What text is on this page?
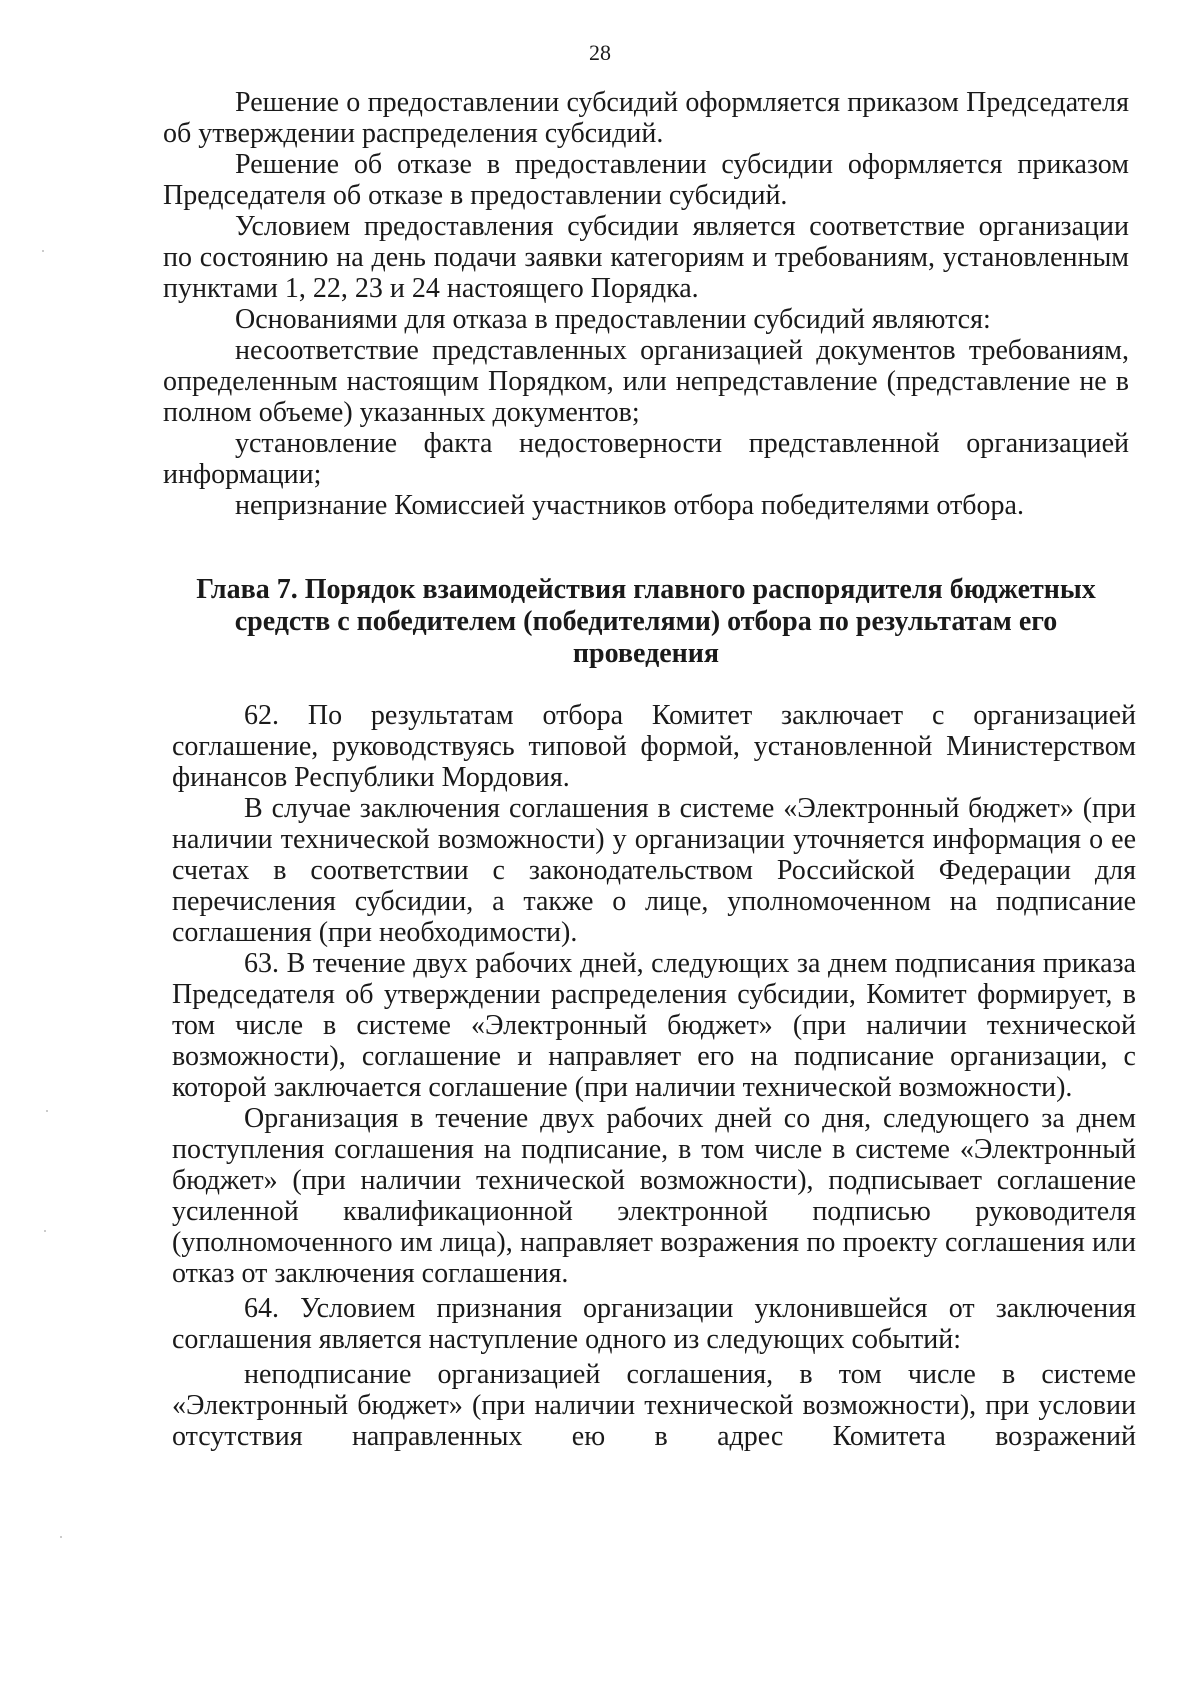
28

Решение о предоставлении субсидий оформляется приказом Председателя об утверждении распределения субсидий.

Решение об отказе в предоставлении субсидии оформляется приказом Председателя об отказе в предоставлении субсидий.

Условием предоставления субсидии является соответствие организации по состоянию на день подачи заявки категориям и требованиям, установленным пунктами 1, 22, 23 и 24 настоящего Порядка.

Основаниями для отказа в предоставлении субсидий являются:

несоответствие представленных организацией документов требованиям, определенным настоящим Порядком, или непредставление (представление не в полном объеме) указанных документов;

установление факта недостоверности представленной организацией информации;

непризнание Комиссией участников отбора победителями отбора.

Глава 7. Порядок взаимодействия главного распорядителя бюджетных средств с победителем (победителями) отбора по результатам его проведения

62. По результатам отбора Комитет заключает с организацией соглашение, руководствуясь типовой формой, установленной Министерством финансов Республики Мордовия.

В случае заключения соглашения в системе «Электронный бюджет» (при наличии технической возможности) у организации уточняется информация о ее счетах в соответствии с законодательством Российской Федерации для перечисления субсидии, а также о лице, уполномоченном на подписание соглашения (при необходимости).

63. В течение двух рабочих дней, следующих за днем подписания приказа Председателя об утверждении распределения субсидии, Комитет формирует, в том числе в системе «Электронный бюджет» (при наличии технической возможности), соглашение и направляет его на подписание организации, с которой заключается соглашение (при наличии технической возможности).

Организация в течение двух рабочих дней со дня, следующего за днем поступления соглашения на подписание, в том числе в системе «Электронный бюджет» (при наличии технической возможности), подписывает соглашение усиленной квалификационной электронной подписью руководителя (уполномоченного им лица), направляет возражения по проекту соглашения или отказ от заключения соглашения.

64. Условием признания организации уклонившейся от заключения соглашения является наступление одного из следующих событий:

неподписание организацией соглашения, в том числе в системе «Электронный бюджет» (при наличии технической возможности), при условии отсутствия направленных ею в адрес Комитета возражений
